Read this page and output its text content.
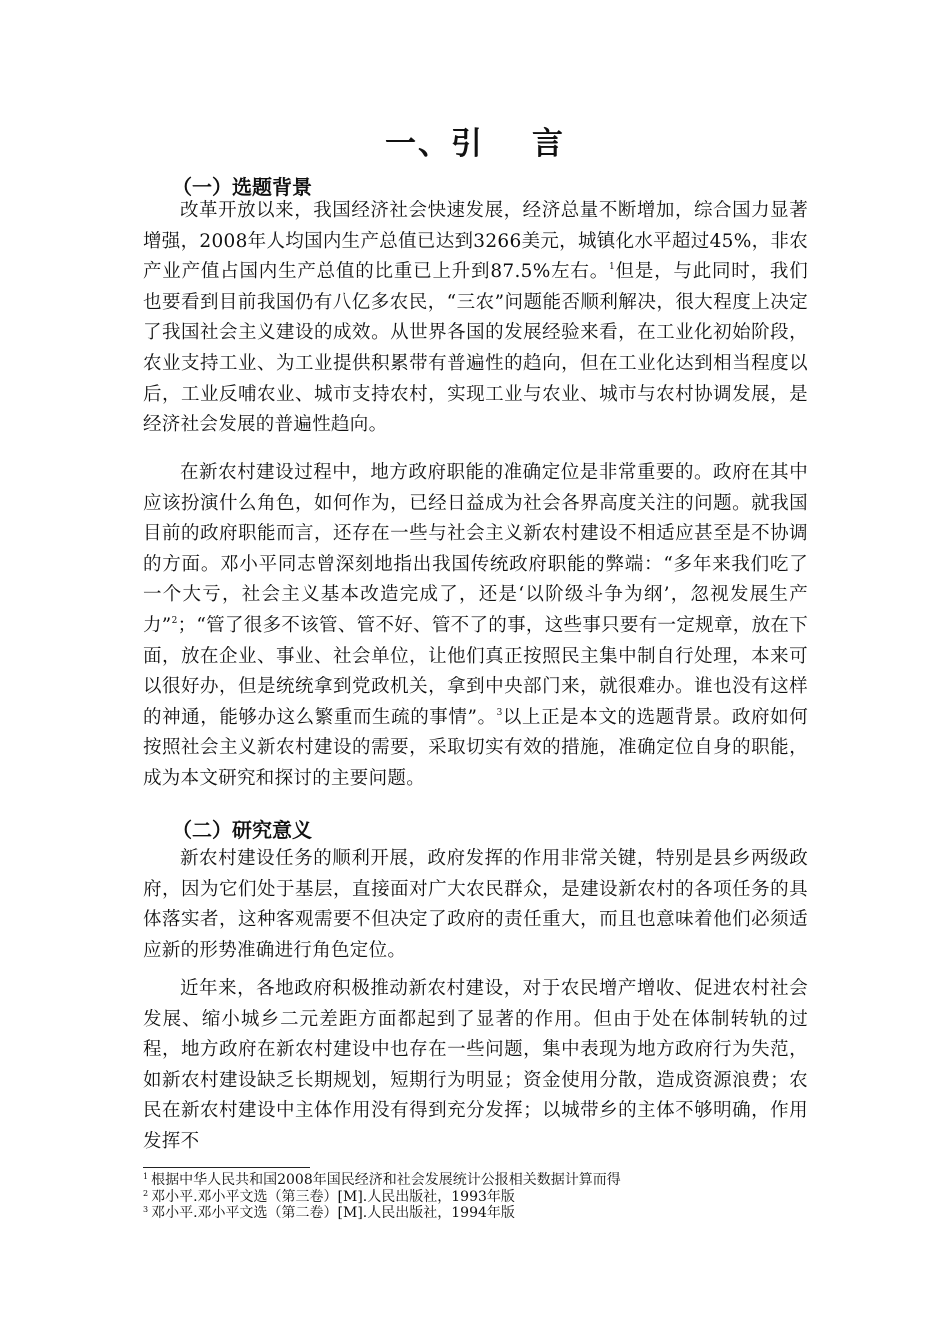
一、引 言
（一）选题背景

改革开放以来，我国经济社会快速发展，经济总量不断增加，综合国力显著增强，2008年人均国内生产总值已达到3266美元，城镇化水平超过45%，非农产业产值占国内生产总值的比重已上升到87.5%左右。$^1$但是，与此同时，我们也要看到目前我国仍有八亿多农民，“三农”问题能否顺利解决，很大程度上决定了我国社会主义建设的成效。从世界各国的发展经验来看，在工业化初始阶段，农业支持工业、为工业提供积累带有普遍性的趋向，但在工业化达到相当程度以后，工业反哺农业、城市支持农村，实现工业与农业、城市与农村协调发展，是经济社会发展的普遍性趋向。

在新农村建设过程中，地方政府职能的准确定位是非常重要的。政府在其中应该扮演什么角色，如何作为，已经日益成为社会各界高度关注的问题。就我国目前的政府职能而言，还存在一些与社会主义新农村建设不相适应甚至是不协调的方面。邓小平同志曾深刻地指出我国传统政府职能的弊端：“多年来我们吃了一个大亏，社会主义基本改造完成了，还是‘以阶级斗争为纲’，忽视发展生产力”$^2$；“管了很多不该管、管不好、管不了的事，这些事只要有一定规章，放在下面，放在企业、事业、社会单位，让他们真正按照民主集中制自行处理，本来可以很好办，但是统统拿到党政机关，拿到中央部门来，就很难办。谁也没有这样的神通，能够办这么繁重而生疏的事情”。$^3$以上正是本文的选题背景。政府如何按照社会主义新农村建设的需要，采取切实有效的措施，准确定位自身的职能，成为本文研究和探讨的主要问题。

（二）研究意义

新农村建设任务的顺利开展，政府发挥的作用非常关键，特别是县乡两级政府，因为它们处于基层，直接面对广大农民群众，是建设新农村的各项任务的具体落实者，这种客观需要不但决定了政府的责任重大，而且也意味着他们必须适应新的形势准确进行角色定位。

近年来，各地政府积极推动新农村建设，对于农民增产增收、促进农村社会发展、缩小城乡二元差距方面都起到了显著的作用。但由于处在体制转轨的过程，地方政府在新农村建设中也存在一些问题，集中表现为地方政府行为失范，如新农村建设缺乏长期规划，短期行为明显；资金使用分散，造成资源浪费；农民在新农村建设中主体作用没有得到充分发挥；以城带乡的主体不够明确，作用发挥不

$^1$ 根据中华人民共和国2008年国民经济和社会发展统计公报相关数据计算而得
$^2$ 邓小平.邓小平文选（第三卷）[M].人民出版社，1993年版
$^3$ 邓小平.邓小平文选（第二卷）[M].人民出版社，1994年版
